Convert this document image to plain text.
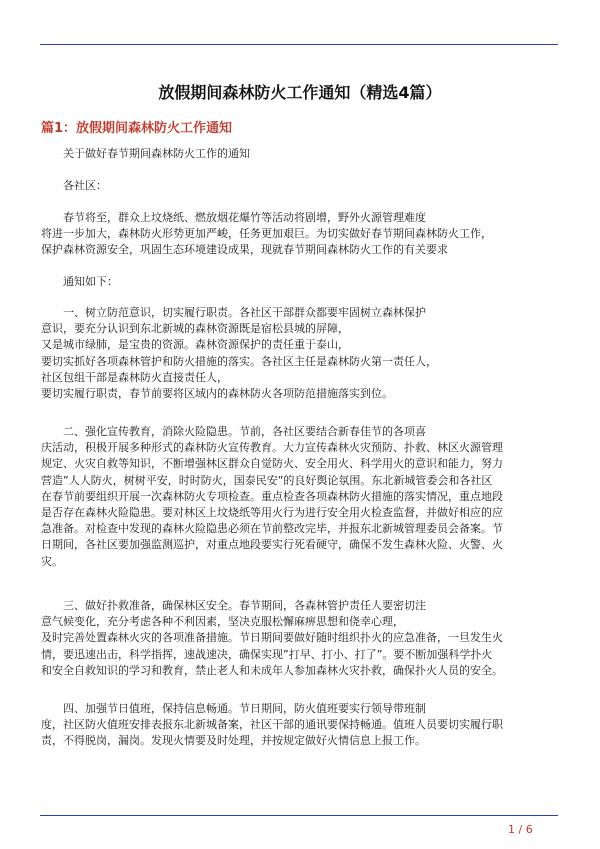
放假期间森林防火工作通知（精选4篇）
篇1：放假期间森林防火工作通知
　　关于做好春节期间森林防火工作的通知
　　各社区：
　　春节将至，群众上坟烧纸、燃放烟花爆竹等活动将剧增，野外火源管理难度
将进一步加大，森林防火形势更加严峻，任务更加艰巨。为切实做好春节期间森林防火工作，
保护森林资源安全，巩固生态环境建设成果，现就春节期间森林防火工作的有关要求
　　通知如下：
　　一、树立防范意识，切实履行职责。各社区干部群众都要牢固树立森林保护
意识，要充分认识到东北新城的森林资源既是宿松县城的屏障，
又是城市绿肺，是宝贵的资源。森林资源保护的责任重于泰山，
要切实抓好各项森林管护和防火措施的落实。各社区主任是森林防火第一责任人，
社区包组干部是森林防火直接责任人，
要切实履行职责，春节前要将区域内的森林防火各项防范措施落实到位。
　　二、强化宣传教育，消除火险隐患。节前，各社区要结合新春佳节的各项喜
庆活动，积极开展多种形式的森林防火宣传教育。大力宣传森林火灾预防、扑救、林区火源管理
规定、火灾自救等知识，不断增强林区群众自觉防火、安全用火、科学用火的意识和能力，努力
营造”人人防火，树树平安，时时防火，国泰民安”的良好舆论氛围。东北新城管委会和各社区
在春节前要组织开展一次森林防火专项检查。重点检查各项森林防火措施的落实情况，重点地段
是否存在森林火险隐患。要对林区上坟烧纸等用火行为进行安全用火检查监督，并做好相应的应
急准备。对检查中发现的森林火险隐患必须在节前整改完毕，并报东北新城管理委员会备案。节
日期间，各社区要加强监测巡护，对重点地段要实行死看硬守，确保不发生森林火险、火警、火
灾。
　　三、做好扑救准备，确保林区安全。春节期间，各森林管护责任人要密切注
意气候变化，充分考虑各种不利因素，坚决克服松懈麻痹思想和侥幸心理，
及时完善处置森林火灾的各项准备措施。节日期间要做好随时组织扑火的应急准备，一旦发生火
情，要迅速出击，科学指挥，速战速决，确保实现”打早、打小、打了”。要不断加强科学扑火
和安全自救知识的学习和教育，禁止老人和未成年人参加森林火灾扑救，确保扑火人员的安全。
　　四、加强节日值班，保持信息畅通。节日期间，防火值班要实行领导带班制
度，社区防火值班安排表报东北新城备案，社区干部的通讯要保持畅通。值班人员要切实履行职
责，不得脱岗，漏岗。发现火情要及时处理，并按规定做好火情信息上报工作。
1 / 6
